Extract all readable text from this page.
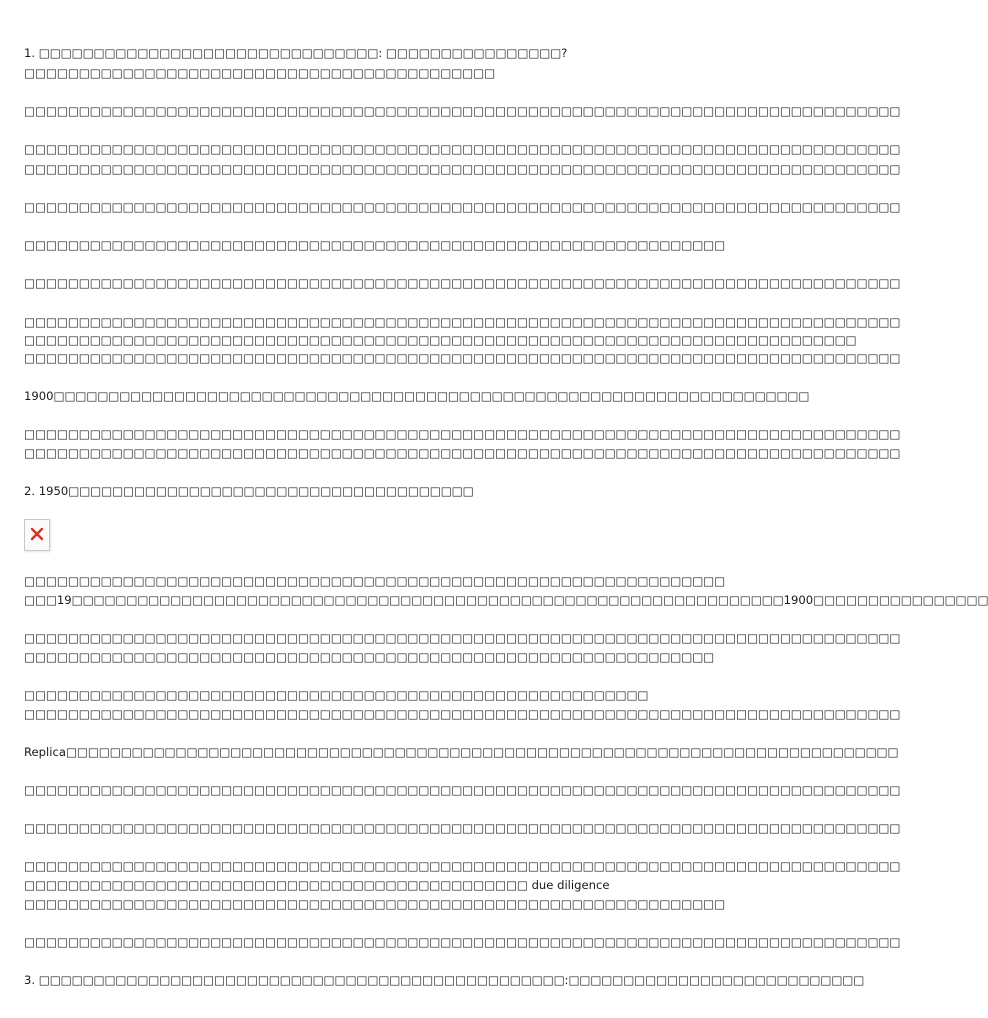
1. □□□□□□□□□□□□□□□□□□□□□□□□□□□□□□□: □□□□□□□□□□□□□□□□?
□□□□□□□□□□□□□□□□□□□□□□□□□□□□□□□□□□□□□□□□□□□
□□□□□□□□□□□□□□□□□□□□□□□□□□□□□□□□□□□□□□□□□□□□□□□□□□□□□□□□□□□□□□□□□□□□□□□□□□□□□□□□
□□□□□□□□□□□□□□□□□□□□□□□□□□□□□□□□□□□□□□□□□□□□□□□□□□□□□□□□□□□□□□□□□□□□□□□□□□□□□□□□
□□□□□□□□□□□□□□□□□□□□□□□□□□□□□□□□□□□□□□□□□□□□□□□□□□□□□□□□□□□□□□□□□□□□□□□□□□□□□□□□
□□□□□□□□□□□□□□□□□□□□□□□□□□□□□□□□□□□□□□□□□□□□□□□□□□□□□□□□□□□□□□□□□□□□□□□□□□□□□□□□
□□□□□□□□□□□□□□□□□□□□□□□□□□□□□□□□□□□□□□□□□□□□□□□□□□□□□□□□□□□□□□□□
□□□□□□□□□□□□□□□□□□□□□□□□□□□□□□□□□□□□□□□□□□□□□□□□□□□□□□□□□□□□□□□□□□□□□□□□□□□□□□□□
□□□□□□□□□□□□□□□□□□□□□□□□□□□□□□□□□□□□□□□□□□□□□□□□□□□□□□□□□□□□□□□□□□□□□□□□□□□□□□□□
□□□□□□□□□□□□□□□□□□□□□□□□□□□□□□□□□□□□□□□□□□□□□□□□□□□□□□□□□□□□□□□□□□□□□□□□□□□□
□□□□□□□□□□□□□□□□□□□□□□□□□□□□□□□□□□□□□□□□□□□□□□□□□□□□□□□□□□□□□□□□□□□□□□□□□□□□□□□□
1900□□□□□□□□□□□□□□□□□□□□□□□□□□□□□□□□□□□□□□□□□□□□□□□□□□□□□□□□□□□□□□□□□□□□□
□□□□□□□□□□□□□□□□□□□□□□□□□□□□□□□□□□□□□□□□□□□□□□□□□□□□□□□□□□□□□□□□□□□□□□□□□□□□□□□□
□□□□□□□□□□□□□□□□□□□□□□□□□□□□□□□□□□□□□□□□□□□□□□□□□□□□□□□□□□□□□□□□□□□□□□□□□□□□□□□□
2. 1950□□□□□□□□□□□□□□□□□□□□□□□□□□□□□□□□□□□□□
□□□□□□□□□□□□□□□□□□□□□□□□□□□□□□□□□□□□□□□□□□□□□□□□□□□□□□□□□□□□□□□□
□□□19□□□□□□□□□□□□□□□□□□□□□□□□□□□□□□□□□□□□□□□□□□□□□□□□□□□□□□□□□□□□□□□□□1900□□□□□□□□□□□□□□□□
□□□□□□□□□□□□□□□□□□□□□□□□□□□□□□□□□□□□□□□□□□□□□□□□□□□□□□□□□□□□□□□□□□□□□□□□□□□□□□□□
□□□□□□□□□□□□□□□□□□□□□□□□□□□□□□□□□□□□□□□□□□□□□□□□□□□□□□□□□□□□□□□
□□□□□□□□□□□□□□□□□□□□□□□□□□□□□□□□□□□□□□□□□□□□□□□□□□□□□□□□□
□□□□□□□□□□□□□□□□□□□□□□□□□□□□□□□□□□□□□□□□□□□□□□□□□□□□□□□□□□□□□□□□□□□□□□□□□□□□□□□□
Replica□□□□□□□□□□□□□□□□□□□□□□□□□□□□□□□□□□□□□□□□□□□□□□□□□□□□□□□□□□□□□□□□□□□□□□□□□□□□
□□□□□□□□□□□□□□□□□□□□□□□□□□□□□□□□□□□□□□□□□□□□□□□□□□□□□□□□□□□□□□□□□□□□□□□□□□□□□□□□
□□□□□□□□□□□□□□□□□□□□□□□□□□□□□□□□□□□□□□□□□□□□□□□□□□□□□□□□□□□□□□□□□□□□□□□□□□□□□□□□
□□□□□□□□□□□□□□□□□□□□□□□□□□□□□□□□□□□□□□□□□□□□□□□□□□□□□□□□□□□□□□□□□□□□□□□□□□□□□□□□
□□□□□□□□□□□□□□□□□□□□□□□□□□□□□□□□□□□□□□□□□□□□□□ due diligence
□□□□□□□□□□□□□□□□□□□□□□□□□□□□□□□□□□□□□□□□□□□□□□□□□□□□□□□□□□□□□□□□
□□□□□□□□□□□□□□□□□□□□□□□□□□□□□□□□□□□□□□□□□□□□□□□□□□□□□□□□□□□□□□□□□□□□□□□□□□□□□□□□
3. □□□□□□□□□□□□□□□□□□□□□□□□□□□□□□□□□□□□□□□□□□□□□□□□:□□□□□□□□□□□□□□□□□□□□□□□□□□□
